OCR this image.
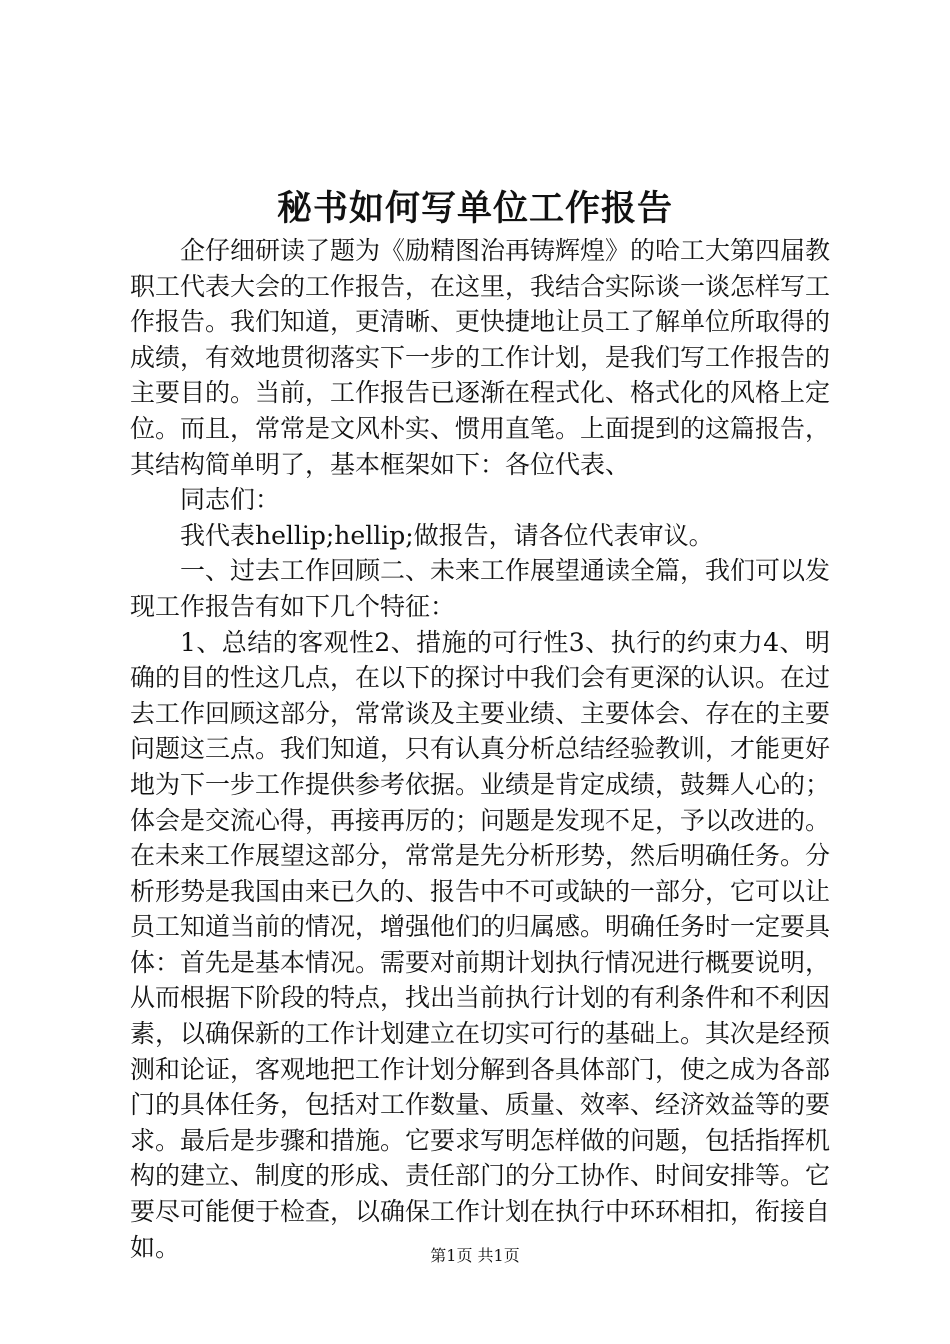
秘书如何写单位工作报告

企仔细研读了题为《励精图治再铸辉煌》的哈工大第四届教职工代表大会的工作报告，在这里，我结合实际谈一谈怎样写工作报告。我们知道，更清晰、更快捷地让员工了解单位所取得的成绩，有效地贯彻落实下一步的工作计划，是我们写工作报告的主要目的。当前，工作报告已逐渐在程式化、格式化的风格上定位。而且，常常是文风朴实、惯用直笔。上面提到的这篇报告，其结构简单明了，基本框架如下：各位代表、

同志们：

我代表hellip;hellip;做报告，请各位代表审议。

一、过去工作回顾二、未来工作展望通读全篇，我们可以发现工作报告有如下几个特征：

1、总结的客观性2、措施的可行性3、执行的约束力4、明确的目的性这几点，在以下的探讨中我们会有更深的认识。在过去工作回顾这部分，常常谈及主要业绩、主要体会、存在的主要问题这三点。我们知道，只有认真分析总结经验教训，才能更好地为下一步工作提供参考依据。业绩是肯定成绩，鼓舞人心的；体会是交流心得，再接再厉的；问题是发现不足，予以改进的。在未来工作展望这部分，常常是先分析形势，然后明确任务。分析形势是我国由来已久的、报告中不可或缺的一部分，它可以让员工知道当前的情况，增强他们的归属感。明确任务时一定要具体：首先是基本情况。需要对前期计划执行情况进行概要说明，从而根据下阶段的特点，找出当前执行计划的有利条件和不利因素，以确保新的工作计划建立在切实可行的基础上。其次是经预测和论证，客观地把工作计划分解到各具体部门，使之成为各部门的具体任务，包括对工作数量、质量、效率、经济效益等的要求。最后是步骤和措施。它要求写明怎样做的问题，包括指挥机构的建立、制度的形成、责任部门的分工协作、时间安排等。它要尽可能便于检查，以确保工作计划在执行中环环相扣，衔接自如。	第1页 共1页
